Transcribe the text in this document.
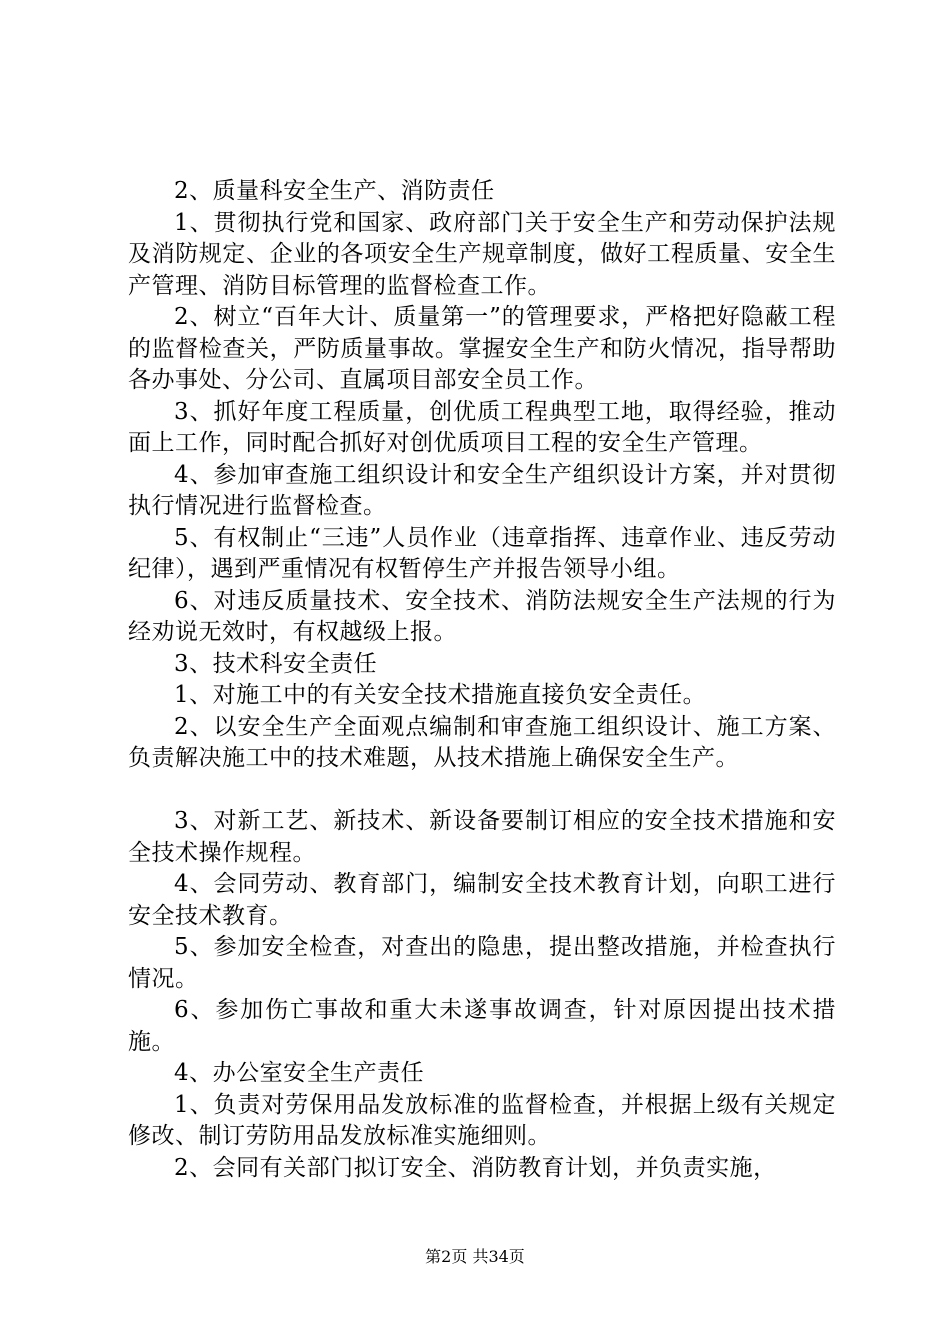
2、质量科安全生产、消防责任

1、贯彻执行党和国家、政府部门关于安全生产和劳动保护法规及消防规定、企业的各项安全生产规章制度，做好工程质量、安全生产管理、消防目标管理的监督检查工作。

2、树立“百年大计、质量第一”的管理要求，严格把好隐蔽工程的监督检查关，严防质量事故。掌握安全生产和防火情况，指导帮助各办事处、分公司、直属项目部安全员工作。

3、抓好年度工程质量，创优质工程典型工地，取得经验，推动面上工作，同时配合抓好对创优质项目工程的安全生产管理。

4、参加审查施工组织设计和安全生产组织设计方案，并对贯彻执行情况进行监督检查。

5、有权制止“三违”人员作业（违章指挥、违章作业、违反劳动纪律），遇到严重情况有权暂停生产并报告领导小组。

6、对违反质量技术、安全技术、消防法规安全生产法规的行为经劝说无效时，有权越级上报。

3、技术科安全责任

1、对施工中的有关安全技术措施直接负安全责任。

2、以安全生产全面观点编制和审查施工组织设计、施工方案、负责解决施工中的技术难题，从技术措施上确保安全生产。

3、对新工艺、新技术、新设备要制订相应的安全技术措施和安全技术操作规程。

4、会同劳动、教育部门，编制安全技术教育计划，向职工进行安全技术教育。

5、参加安全检查，对查出的隐患，提出整改措施，并检查执行情况。

6、参加伤亡事故和重大未遂事故调查，针对原因提出技术措施。

4、办公室安全生产责任

1、负责对劳保用品发放标准的监督检查，并根据上级有关规定修改、制订劳防用品发放标准实施细则。

2、会同有关部门拟订安全、消防教育计划，并负责实施，

第2页 共34页
